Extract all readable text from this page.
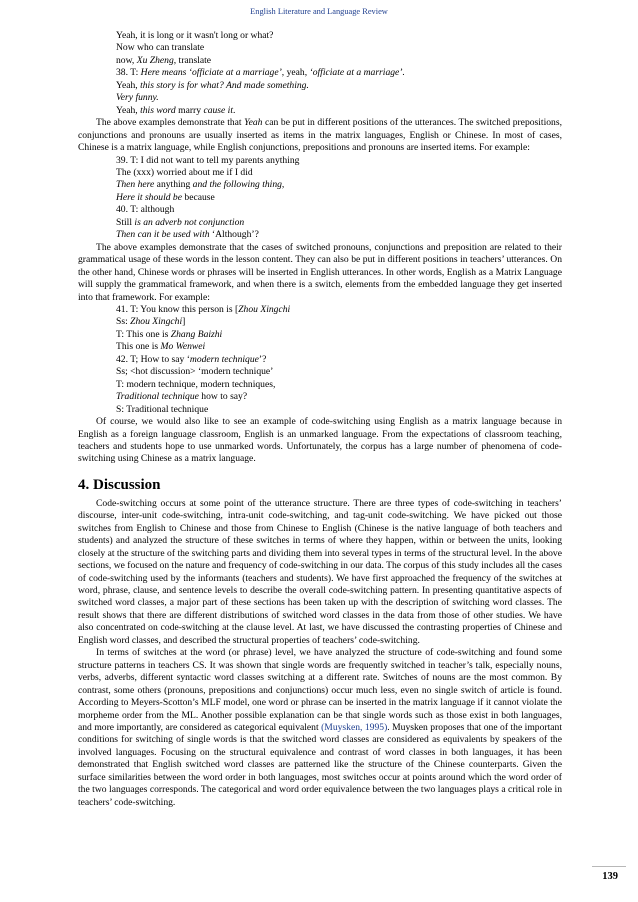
English Literature and Language Review
Yeah, it is long or it wasn't long or what?
Now who can translate
now, Xu Zheng, translate
38. T: Here means ‘officiate at a marriage’, yeah, ‘officiate at a marriage’.
Yeah, this story is for what? And made something.
Very funny.
Yeah, this word marry cause it.
The above examples demonstrate that Yeah can be put in different positions of the utterances. The switched prepositions, conjunctions and pronouns are usually inserted as items in the matrix languages, English or Chinese. In most of cases, Chinese is a matrix language, while English conjunctions, prepositions and pronouns are inserted items. For example:
39. T: I did not want to tell my parents anything
The (xxx) worried about me if I did
Then here anything and the following thing,
Here it should be because
40. T: although
Still is an adverb not conjunction
Then can it be used with ‘Although’?
The above examples demonstrate that the cases of switched pronouns, conjunctions and preposition are related to their grammatical usage of these words in the lesson content. They can also be put in different positions in teachers’ utterances. On the other hand, Chinese words or phrases will be inserted in English utterances. In other words, English as a Matrix Language will supply the grammatical framework, and when there is a switch, elements from the embedded language they get inserted into that framework. For example:
41. T: You know this person is [Zhou Xingchi
Ss: Zhou Xingchi]
T: This one is Zhang Baizhi
This one is Mo Wenwei
42. T; How to say ‘modern technique’?
Ss; <hot discussion> ‘modern technique’
T: modern technique, modern techniques,
Traditional technique how to say?
S: Traditional technique
Of course, we would also like to see an example of code-switching using English as a matrix language because in English as a foreign language classroom, English is an unmarked language. From the expectations of classroom teaching, teachers and students hope to use unmarked words. Unfortunately, the corpus has a large number of phenomena of code-switching using Chinese as a matrix language.
4. Discussion
Code-switching occurs at some point of the utterance structure. There are three types of code-switching in teachers’ discourse, inter-unit code-switching, intra-unit code-switching, and tag-unit code-switching. We have picked out those switches from English to Chinese and those from Chinese to English (Chinese is the native language of both teachers and students) and analyzed the structure of these switches in terms of where they happen, within or between the units, looking closely at the structure of the switching parts and dividing them into several types in terms of the structural level. In the above sections, we focused on the nature and frequency of code-switching in our data. The corpus of this study includes all the cases of code-switching used by the informants (teachers and students). We have first approached the frequency of the switches at word, phrase, clause, and sentence levels to describe the overall code-switching pattern. In presenting quantitative aspects of switched word classes, a major part of these sections has been taken up with the description of switching word classes. The result shows that there are different distributions of switched word classes in the data from those of other studies. We have also concentrated on code-switching at the clause level. At last, we have discussed the contrasting properties of Chinese and English word classes, and described the structural properties of teachers’ code-switching.
In terms of switches at the word (or phrase) level, we have analyzed the structure of code-switching and found some structure patterns in teachers CS. It was shown that single words are frequently switched in teacher’s talk, especially nouns, verbs, adverbs, different syntactic word classes switching at a different rate. Switches of nouns are the most common. By contrast, some others (pronouns, prepositions and conjunctions) occur much less, even no single switch of article is found. According to Meyers-Scotton’s MLF model, one word or phrase can be inserted in the matrix language if it cannot violate the morpheme order from the ML. Another possible explanation can be that single words such as those exist in both languages, and more importantly, are considered as categorical equivalent (Muysken, 1995). Muysken proposes that one of the important conditions for switching of single words is that the switched word classes are considered as equivalents by speakers of the involved languages. Focusing on the structural equivalence and contrast of word classes in both languages, it has been demonstrated that English switched word classes are patterned like the structure of the Chinese counterparts. Given the surface similarities between the word order in both languages, most switches occur at points around which the word order of the two languages corresponds. The categorical and word order equivalence between the two languages plays a critical role in teachers’ code-switching.
139
